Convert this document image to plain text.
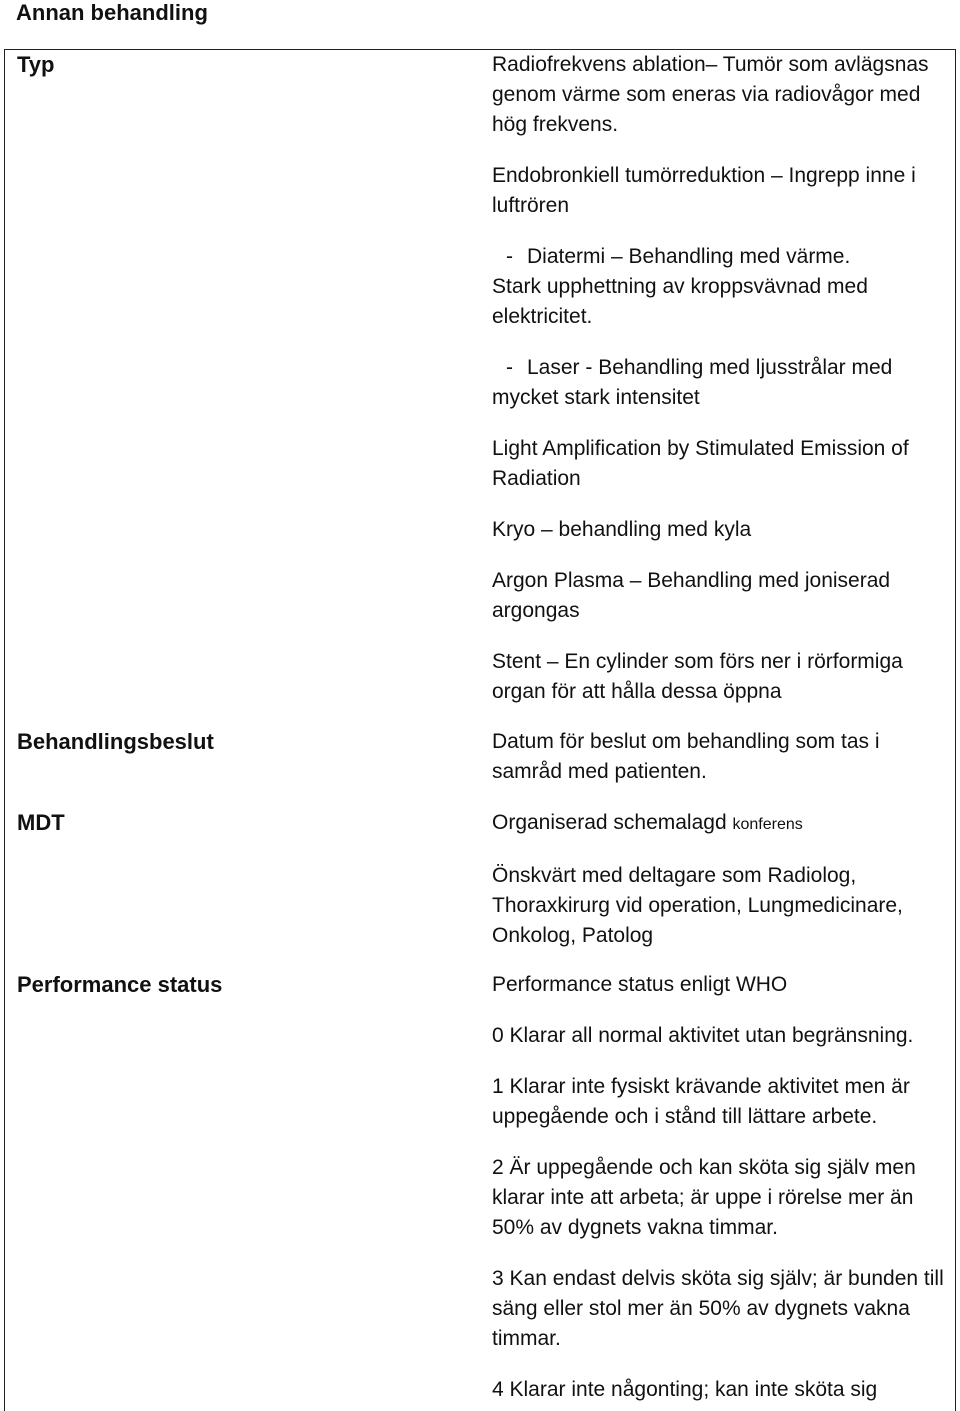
Annan behandling
Typ	Radiofrekvens ablation– Tumör som avlägsnas genom värme som eneras via radiovågor med hög frekvens.

Endobronkiell tumörreduktion – Ingrepp inne i luftrören

- Diatermi – Behandling med värme.
Stark upphettning av kroppsvävnad med elektricitet.

- Laser - Behandling med ljusstrålar med
mycket stark intensitet

Light Amplification by Stimulated Emission of Radiation

Kryo – behandling med kyla

Argon Plasma – Behandling med joniserad argongas

Stent – En cylinder som förs ner i rörformiga organ för att hålla dessa öppna

Behandlingsbeslut	Datum för beslut om behandling som tas i samråd med patienten.

MDT	Organiserad schemalagd konferens

Önskvärt med deltagare som Radiolog, Thoraxkirurg vid operation, Lungmedicinare, Onkolog, Patolog

Performance status	Performance status enligt WHO

0 Klarar all normal aktivitet utan begränsning.

1 Klarar inte fysiskt krävande aktivitet men är uppegående och i stånd till lättare arbete.

2 Är uppegående och kan sköta sig själv men klarar inte att arbeta; är uppe i rörelse mer än 50% av dygnets vakna timmar.

3 Kan endast delvis sköta sig själv; är bunden till säng eller stol mer än 50% av dygnets vakna timmar.

4 Klarar inte någonting; kan inte sköta sig
